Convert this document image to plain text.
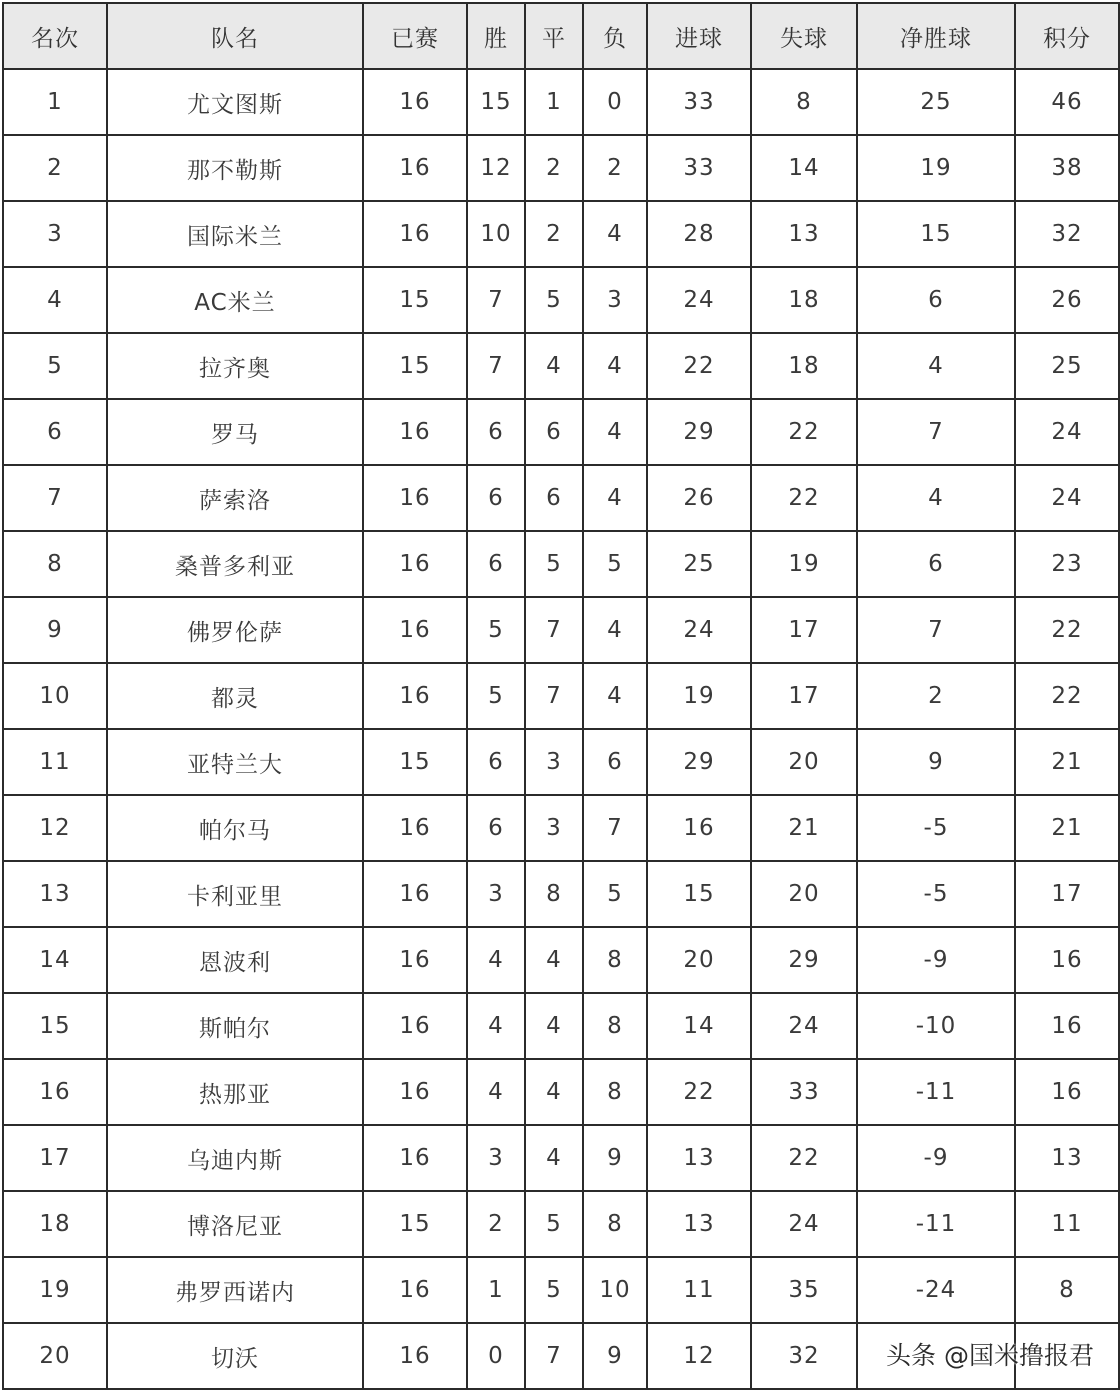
名次	队名	已赛	胜	平	负	进球	失球	净胜球	积分
1	尤文图斯	16	15	1	0	33	8	25	46
2	那不勒斯	16	12	2	2	33	14	19	38
3	国际米兰	16	10	2	4	28	13	15	32
4	AC米兰	15	7	5	3	24	18	6	26
5	拉齐奥	15	7	4	4	22	18	4	25
6	罗马	16	6	6	4	29	22	7	24
7	萨索洛	16	6	6	4	26	22	4	24
8	桑普多利亚	16	6	5	5	25	19	6	23
9	佛罗伦萨	16	5	7	4	24	17	7	22
10	都灵	16	5	7	4	19	17	2	22
11	亚特兰大	15	6	3	6	29	20	9	21
12	帕尔马	16	6	3	7	16	21	-5	21
13	卡利亚里	16	3	8	5	15	20	-5	17
14	恩波利	16	4	4	8	20	29	-9	16
15	斯帕尔	16	4	4	8	14	24	-10	16
16	热那亚	16	4	4	8	22	33	-11	16
17	乌迪内斯	16	3	4	9	13	22	-9	13
18	博洛尼亚	15	2	5	8	13	24	-11	11
19	弗罗西诺内	16	1	5	10	11	35	-24	8
20	切沃	16	0	7	9	12	32			头条 @国米撸报君
